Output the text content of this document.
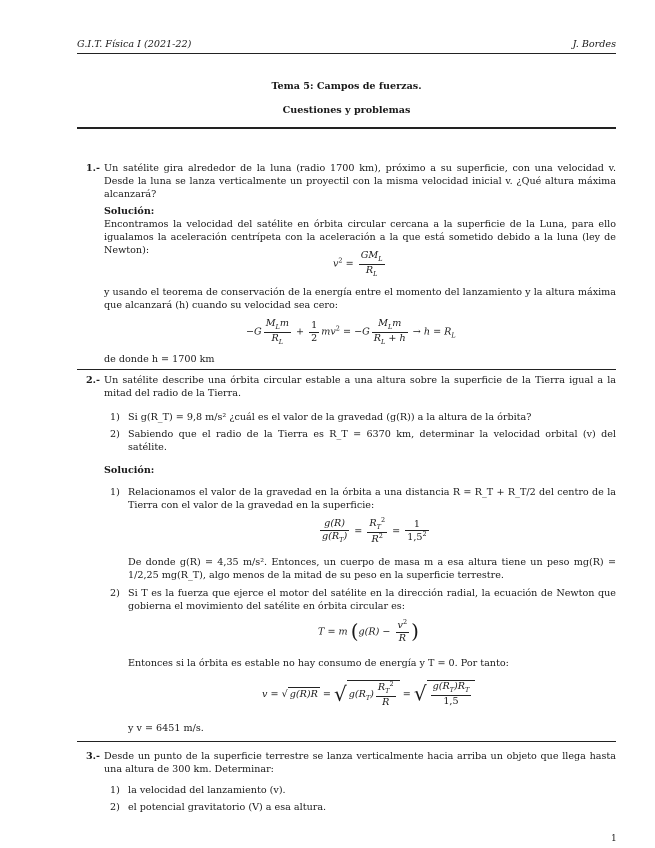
G.I.T. Física I (2021-22)	J. Bordes
Tema 5: Campos de fuerzas.
Cuestiones y problemas
1.- Un satélite gira alrededor de la luna (radio 1700 km), próximo a su superficie, con una velocidad v. Desde la luna se lanza verticalmente un proyectil con la misma velocidad inicial v. ¿Qué altura máxima alcanzará?
Solución:
Encontramos la velocidad del satélite en órbita circular cercana a la superficie de la Luna, para ello igualamos la aceleración centrípeta con la aceleración a la que está sometido debido a la luna (ley de Newton):
$v^2 = \frac{GM_L}{R_L}$
y usando el teorema de conservación de la energía entre el momento del lanzamiento y la altura máxima que alcanzará (h) cuando su velocidad sea cero:
$-G \frac{M_Lm}{R_L} + \frac{1}{2} mv^2 = -G \frac{M_Lm}{R_L + h} \to h = R_L$
de donde h = 1700 km
2.- Un satélite describe una órbita circular estable a una altura sobre la superficie de la Tierra igual a la mitad del radio de la Tierra.
1) Si g(R_T) = 9,8 m/s² ¿cuál es el valor de la gravedad (g(R)) a la altura de la órbita?
2) Sabiendo que el radio de la Tierra es R_T = 6370 km, determinar la velocidad orbital (v) del satélite.
Solución:
1) Relacionamos el valor de la gravedad en la órbita a una distancia R = R_T + R_T/2 del centro de la Tierra con el valor de la gravedad en la superficie:
$\frac{g(R)}{g(R_T)} = \frac{R_T^2}{R^2} = \frac{1}{1,5^2}$
De donde g(R) = 4,35 m/s². Entonces, un cuerpo de masa m a esa altura tiene un peso mg(R) = 1/2,25 mg(R_T), algo menos de la mitad de su peso en la superficie terrestre.
2) Si T es la fuerza que ejerce el motor del satélite en la dirección radial, la ecuación de Newton que gobierna el movimiento del satélite en órbita circular es:
T = m ($g(R) - \frac{v^2}{R}$ )
Entonces si la órbita es estable no hay consumo de energía y T = 0. Por tanto:
v = √ g(R)R = √ $g(R_T) \frac{R_T^2}{R}$ = √ $\frac{g(R_T)R_T}{1,5}$
y v = 6451 m/s.
3.- Desde un punto de la superficie terrestre se lanza verticalmente hacia arriba un objeto que llega hasta una altura de 300 km. Determinar:
1) la velocidad del lanzamiento (v).
2) el potencial gravitatorio (V) a esa altura.
1
